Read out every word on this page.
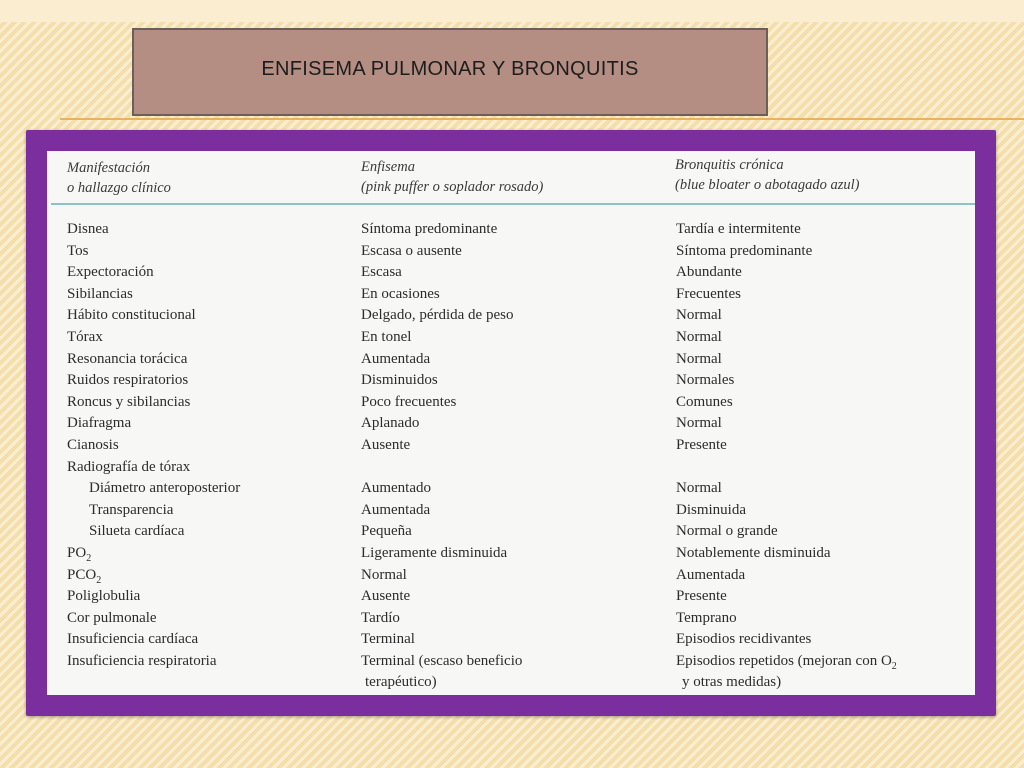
ENFISEMA PULMONAR Y BRONQUITIS
Manifestación
o hallazgo clínico
Enfisema
(pink puffer o soplador rosado)
Bronquitis crónica
(blue bloater o abotagado azul)
Disnea
Tos
Expectoración
Sibilancias
Hábito constitucional
Tórax
Resonancia torácica
Ruidos respiratorios
Roncus y sibilancias
Diafragma
Cianosis
Radiografía de tórax
Diámetro anteroposterior
Transparencia
Silueta cardíaca
$PO_2$
$PCO_2$
Poliglobulia
Cor pulmonale
Insuficiencia cardíaca
Insuficiencia respiratoria
Síntoma predominante
Escasa o ausente
Escasa
En ocasiones
Delgado, pérdida de peso
En tonel
Aumentada
Disminuidos
Poco frecuentes
Aplanado
Ausente
Aumentado
Aumentada
Pequeña
Ligeramente disminuida
Normal
Ausente
Tardío
Terminal
Terminal (escaso beneficio
terapéutico)
Tardía e intermitente
Síntoma predominante
Abundante
Frecuentes
Normal
Normal
Normal
Normales
Comunes
Normal
Presente
Normal
Disminuida
Normal o grande
Notablemente disminuida
Aumentada
Presente
Temprano
Episodios recidivantes
Episodios repetidos (mejoran con $O_2$
y otras medidas)
